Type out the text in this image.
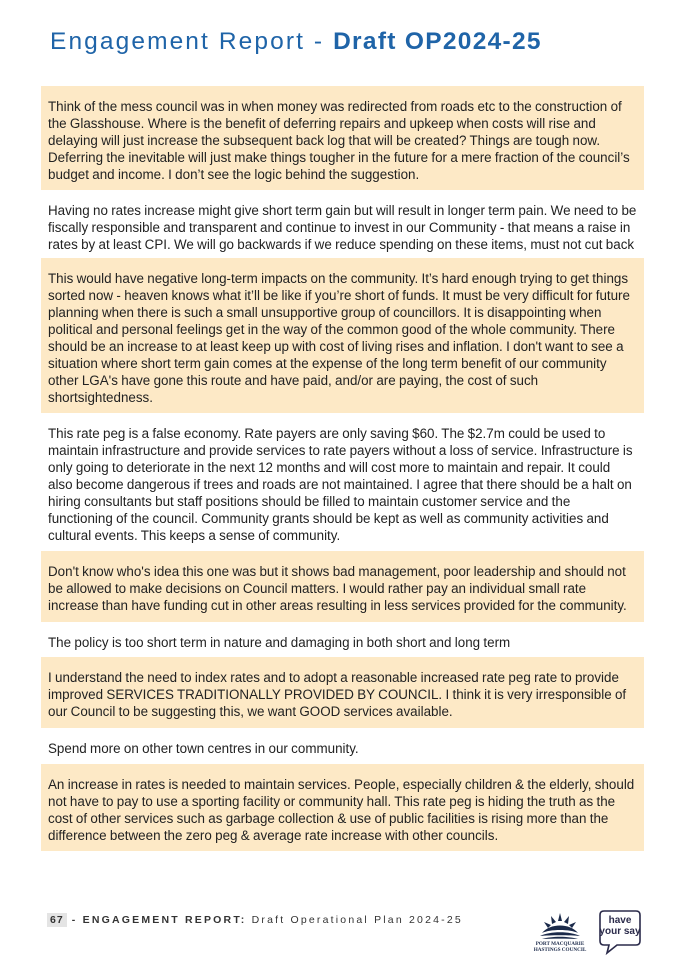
Engagement Report - Draft OP2024-25
Think of the mess council was in when money was redirected from roads etc to the construction of the Glasshouse. Where is the benefit of deferring repairs and upkeep when costs will rise and delaying will just increase the subsequent back log that will be created? Things are tough now. Deferring the inevitable will just make things tougher in the future for a mere fraction of the council’s budget and income. I don’t see the logic behind the suggestion.
Having no rates increase might give short term gain but will result in longer term pain. We need to be fiscally responsible and transparent and continue to invest in our Community - that means a raise in rates by at least CPI. We will go backwards if we reduce spending on these items, must not cut back
This would have negative long-term impacts on the community. It’s hard enough trying to get things sorted now - heaven knows what it’ll be like if you’re short of funds. It must be very difficult for future planning when there is such a small unsupportive group of councillors. It is disappointing when political and personal feelings get in the way of the common good of the whole community. There should be an increase to at least keep up with cost of living rises and inflation. I don't want to see a situation where short term gain comes at the expense of the long term benefit of our community other LGA's have gone this route and have paid, and/or are paying, the cost of such shortsightedness.
This rate peg is a false economy. Rate payers are only saving $60. The $2.7m could be used to maintain infrastructure and provide services to rate payers without a loss of service. Infrastructure is only going to deteriorate in the next 12 months and will cost more to maintain and repair. It could also become dangerous if trees and roads are not maintained. I agree that there should be a halt on hiring consultants but staff positions should be filled to maintain customer service and the functioning of the council. Community grants should be kept as well as community activities and cultural events. This keeps a sense of community.
Don't know who's idea this one was but it shows bad management, poor leadership and should not be allowed to make decisions on Council matters. I would rather pay an individual small rate increase than have funding cut in other areas resulting in less services provided for the community.
The policy is too short term in nature and damaging in both short and long term
I understand the need to index rates and to adopt a reasonable increased rate peg rate to provide improved SERVICES TRADITIONALLY PROVIDED BY COUNCIL. I think it is very irresponsible of our Council to be suggesting this, we want GOOD services available.
Spend more on other town centres in our community.
An increase in rates is needed to maintain services. People, especially children & the elderly, should not have to pay to use a sporting facility or community hall. This rate peg is hiding the truth as the cost of other services such as garbage collection & use of public facilities is rising more than the difference between the zero peg & average rate increase with other councils.
67 - ENGAGEMENT REPORT: Draft Operational Plan 2024-25
PORT MACQUARIE
HASTINGS COUNCIL
have
your say
